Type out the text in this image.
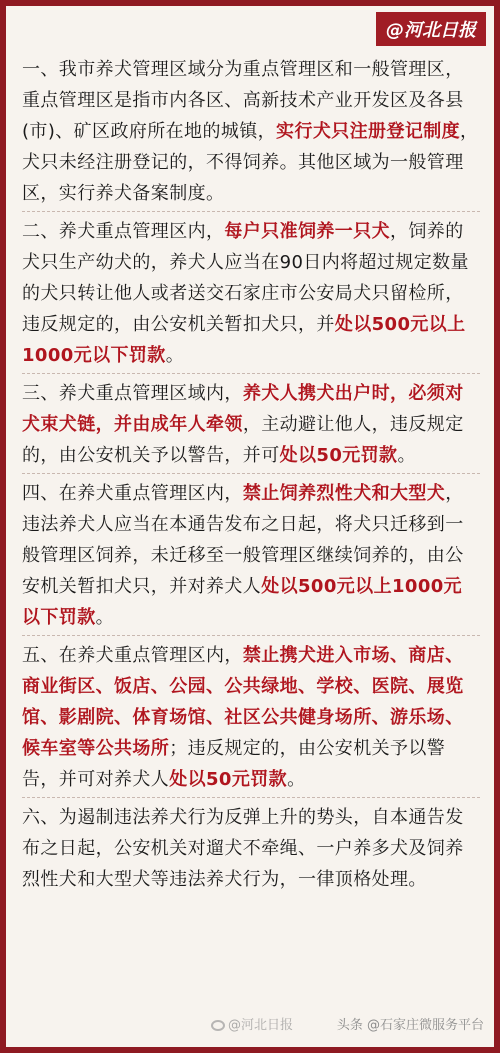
@河北日报

一、我市养犬管理区域分为重点管理区和一般管理区，重点管理区是指市内各区、高新技术产业开发区及各县(市)、矿区政府所在地的城镇，实行犬只注册登记制度，犬只未经注册登记的，不得饲养。其他区域为一般管理区，实行养犬备案制度。

二、养犬重点管理区内，每户只准饲养一只犬，饲养的犬只生产幼犬的，养犬人应当在90日内将超过规定数量的犬只转让他人或者送交石家庄市公安局犬只留检所，违反规定的，由公安机关暂扣犬只，并处以500元以上1000元以下罚款。

三、养犬重点管理区域内，养犬人携犬出户时，必须对犬束犬链，并由成年人牵领，主动避让他人，违反规定的，由公安机关予以警告，并可处以50元罚款。

四、在养犬重点管理区内，禁止饲养烈性犬和大型犬，违法养犬人应当在本通告发布之日起，将犬只迁移到一般管理区饲养，未迁移至一般管理区继续饲养的，由公安机关暂扣犬只，并对养犬人处以500元以上1000元以下罚款。

五、在养犬重点管理区内，禁止携犬进入市场、商店、商业街区、饭店、公园、公共绿地、学校、医院、展览馆、影剧院、体育场馆、社区公共健身场所、游乐场、候车室等公共场所；违反规定的，由公安机关予以警告，并可对养犬人处以50元罚款。

六、为遏制违法养犬行为反弹上升的势头，自本通告发布之日起，公安机关对遛犬不牵绳、一户养多犬及饲养烈性犬和大型犬等违法养犬行为，一律顶格处理。

@河北日报	头条 @石家庄微服务平台
